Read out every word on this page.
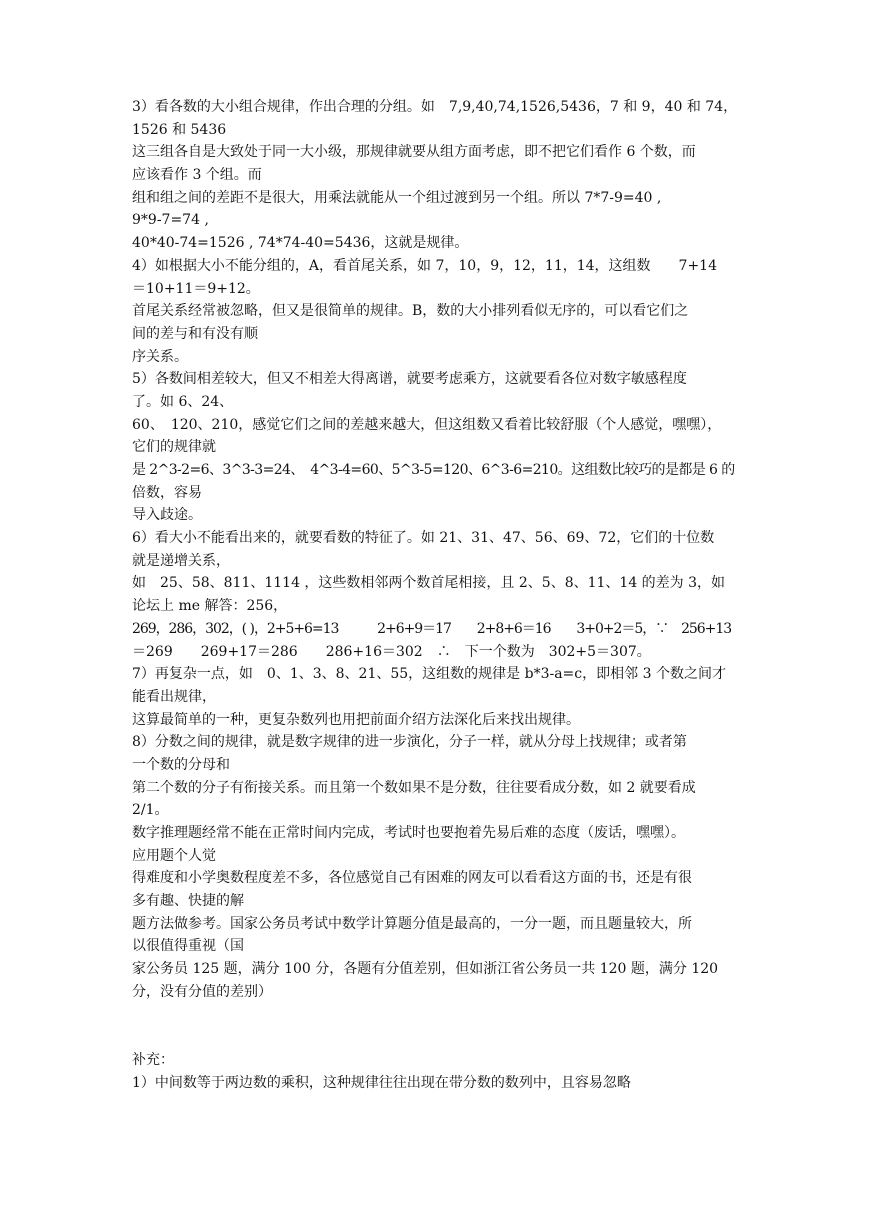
3）看各数的大小组合规律，作出合理的分组。如　7,9,40,74,1526,5436，7 和 9，40 和 74，
1526 和 5436
这三组各自是大致处于同一大小级，那规律就要从组方面考虑，即不把它们看作 6 个数，而
应该看作 3 个组。而
组和组之间的差距不是很大，用乘法就能从一个组过渡到另一个组。所以 7*7-9=40 ,
9*9-7=74 ,
40*40-74=1526 , 74*74-40=5436，这就是规律。
4）如根据大小不能分组的，A，看首尾关系，如 7，10，9，12，11，14，这组数　　7+14
＝10+11＝9+12。
首尾关系经常被忽略，但又是很简单的规律。B，数的大小排列看似无序的，可以看它们之
间的差与和有没有顺
序关系。
5）各数间相差较大，但又不相差大得离谱，就要考虑乘方，这就要看各位对数字敏感程度
了。如 6、24、
60、　120、210，感觉它们之间的差越来越大，但这组数又看着比较舒服（个人感觉，嘿嘿），
它们的规律就
是 2^3-2=6、3^3-3=24、　4^3-4=60、5^3-5=120、6^3-6=210。这组数比较巧的是都是 6 的
倍数，容易
导入歧途。
6）看大小不能看出来的，就要看数的特征了。如 21、31、47、56、69、72，它们的十位数
就是递增关系，
如　25、58、811、1114 ，这些数相邻两个数首尾相接，且 2、5、8、11、14 的差为 3，如
论坛上 me 解答：256，
269，286，302，( )，2+5+6=13　　　2+6+9＝17　　2+8+6＝16　　3+0+2＝5，∵　256+13
＝269　　269+17＝286　　286+16＝302　∴　下一个数为　302+5＝307。
7）再复杂一点，如　0、1、3、8、21、55，这组数的规律是 b*3-a=c，即相邻 3 个数之间才
能看出规律，
这算最简单的一种，更复杂数列也用把前面介绍方法深化后来找出规律。
8）分数之间的规律，就是数字规律的进一步演化，分子一样，就从分母上找规律；或者第
一个数的分母和
第二个数的分子有衔接关系。而且第一个数如果不是分数，往往要看成分数，如 2 就要看成
2/1。
数字推理题经常不能在正常时间内完成，考试时也要抱着先易后难的态度（废话，嘿嘿）。
应用题个人觉
得难度和小学奥数程度差不多，各位感觉自己有困难的网友可以看看这方面的书，还是有很
多有趣、快捷的解
题方法做参考。国家公务员考试中数学计算题分值是最高的，一分一题，而且题量较大，所
以很值得重视（国
家公务员 125 题，满分 100 分，各题有分值差别，但如浙江省公务员一共 120 题，满分 120
分，没有分值的差别）
补充：
1）中间数等于两边数的乘积，这种规律往往出现在带分数的数列中，且容易忽略
